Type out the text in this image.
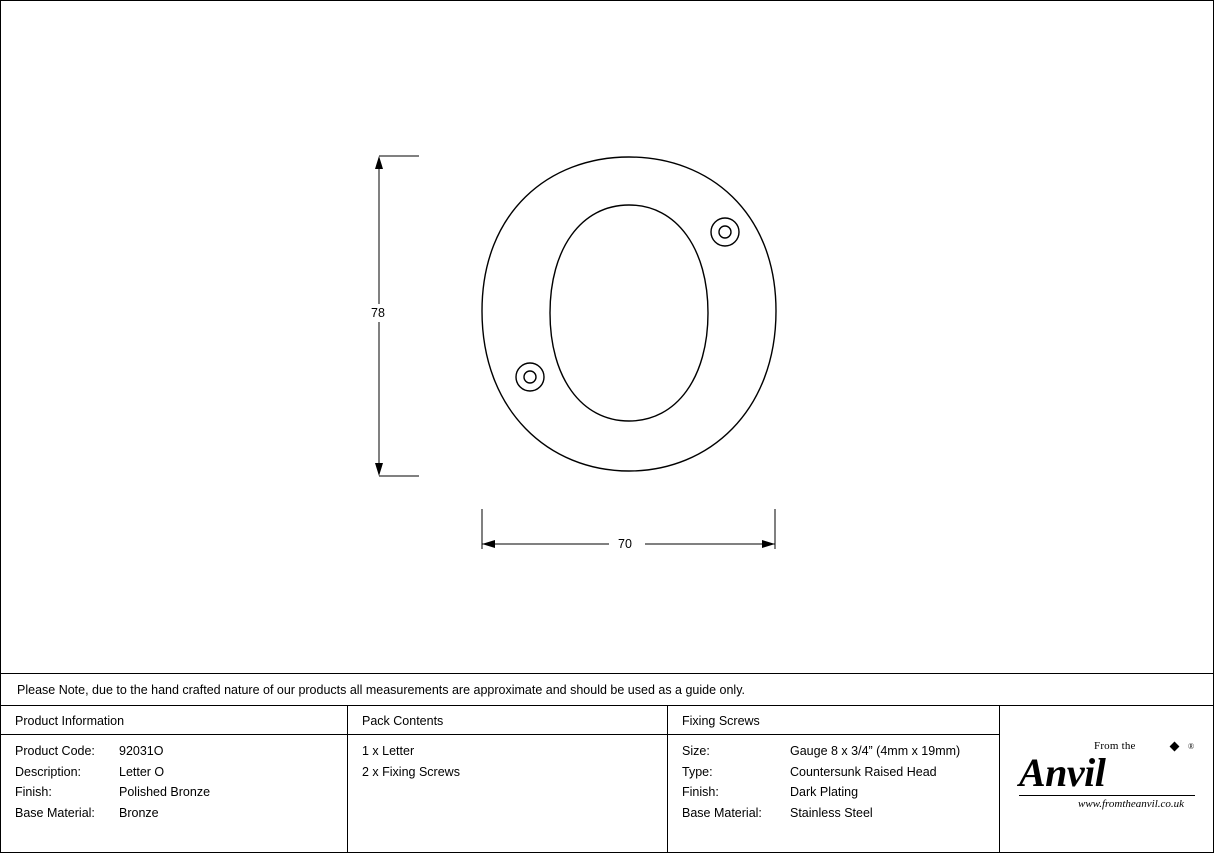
78
70
Please Note, due to the hand crafted nature of our products all measurements are approximate and should be used as a guide only.
Product Information
Product Code: 92031O
Description:	Letter O
Finish:	Polished Bronze
Base Material: Bronze
Pack Contents
1 x Letter
2 x Fixing Screws
Fixing Screws
Size:	Gauge 8 x 3/4” (4mm x 19mm)
Type:	Countersunk Raised Head
Finish:	Dark Plating
Base Material: Stainless Steel
From the	®
Anvil
www.fromtheanvil.co.uk
